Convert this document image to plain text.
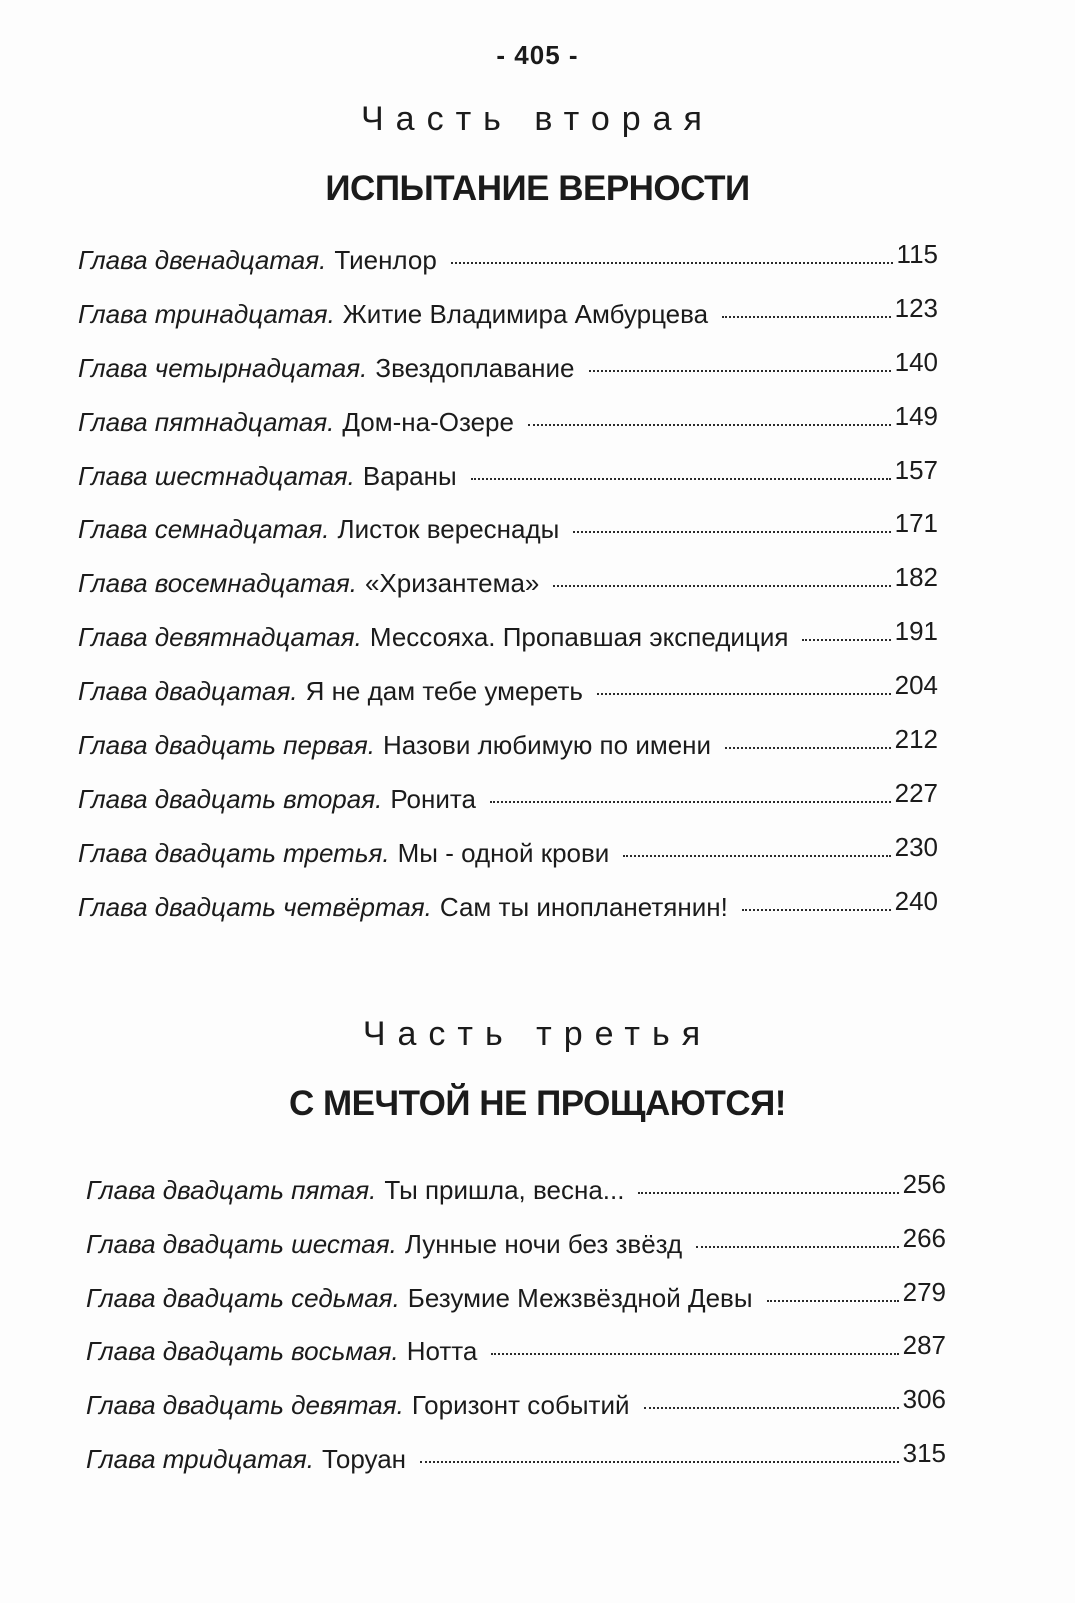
- 405 -
Часть вторая
ИСПЫТАНИЕ ВЕРНОСТИ
Глава двенадцатая. Тиенлор	115
Глава тринадцатая. Житие Владимира Амбурцева	123
Глава четырнадцатая. Звездоплавание	140
Глава пятнадцатая. Дом-на-Озере	149
Глава шестнадцатая. Вараны	157
Глава семнадцатая. Листок вереснады	171
Глава восемнадцатая. «Хризантема»	182
Глава девятнадцатая. Мессояха. Пропавшая экспедиция	191
Глава двадцатая. Я не дам тебе умереть	204
Глава двадцать первая. Назови любимую по имени	212
Глава двадцать вторая. Ронита	227
Глава двадцать третья. Мы - одной крови	230
Глава двадцать четвёртая. Сам ты инопланетянин!	240
Часть третья
С МЕЧТОЙ НЕ ПРОЩАЮТСЯ!
Глава двадцать пятая. Ты пришла, весна...	256
Глава двадцать шестая. Лунные ночи без звёзд	266
Глава двадцать седьмая. Безумие Межзвёздной Девы	279
Глава двадцать восьмая. Нотта	287
Глава двадцать девятая. Горизонт событий	306
Глава тридцатая. Торуан	315
